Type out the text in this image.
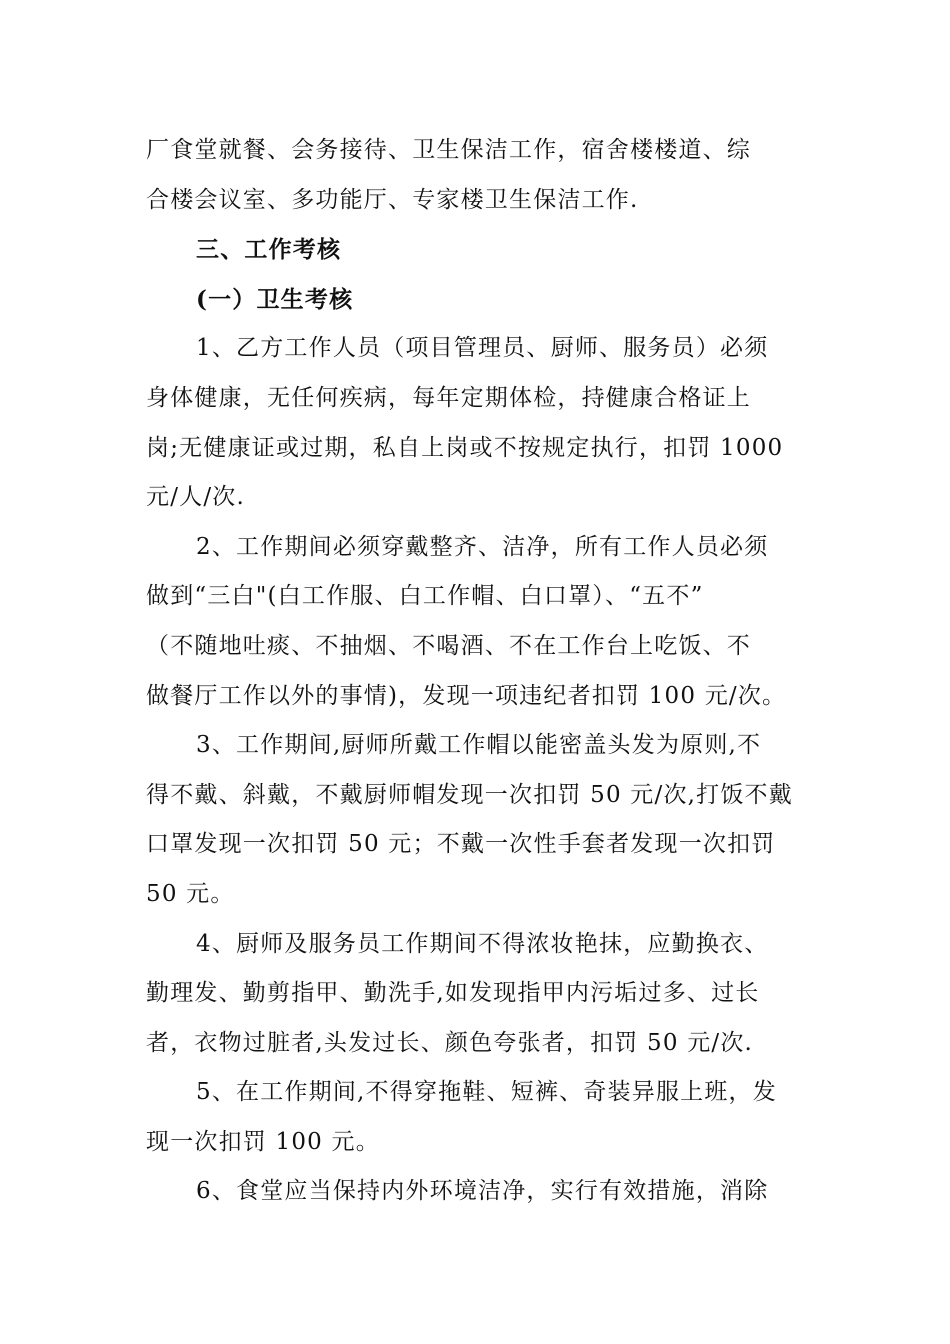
厂食堂就餐、会务接待、卫生保洁工作，宿舍楼楼道、综
合楼会议室、多功能厅、专家楼卫生保洁工作.
三、工作考核
(一）卫生考核
1、乙方工作人员（项目管理员、厨师、服务员）必须
身体健康，无任何疾病，每年定期体检，持健康合格证上
岗;无健康证或过期，私自上岗或不按规定执行，扣罚 1000
元/人/次.
2、工作期间必须穿戴整齐、洁净，所有工作人员必须
做到“三白"(白工作服、白工作帽、白口罩）、“五不”
（不随地吐痰、不抽烟、不喝酒、不在工作台上吃饭、不
做餐厅工作以外的事情)，发现一项违纪者扣罚 100 元/次。
3、工作期间,厨师所戴工作帽以能密盖头发为原则,不
得不戴、斜戴，不戴厨师帽发现一次扣罚 50 元/次,打饭不戴
口罩发现一次扣罚 50 元；不戴一次性手套者发现一次扣罚
50 元。
4、厨师及服务员工作期间不得浓妆艳抹，应勤换衣、
勤理发、勤剪指甲、勤洗手,如发现指甲内污垢过多、过长
者，衣物过脏者,头发过长、颜色夸张者，扣罚 50 元/次.
5、在工作期间,不得穿拖鞋、短裤、奇装异服上班，发
现一次扣罚 100 元。
6、食堂应当保持内外环境洁净，实行有效措施，消除
